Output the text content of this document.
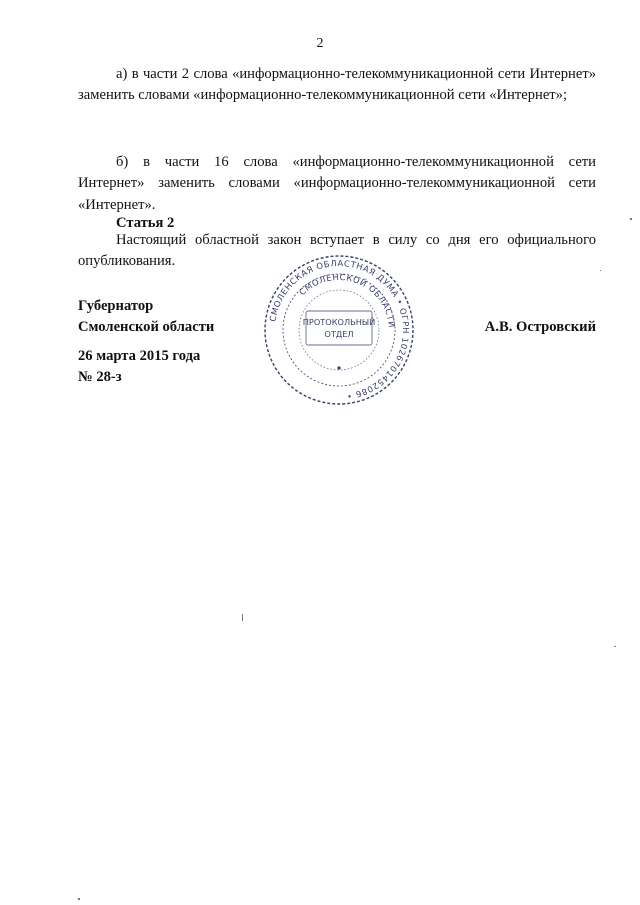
2

а) в части 2 слова «информационно-телекоммуникационной сети Интернет» заменить словами «информационно-телекоммуникационной сети «Интернет»;

б) в части 16 слова «информационно-телекоммуникационной сети Интернет» заменить словами «информационно-телекоммуникационной сети «Интернет».

Статья 2

Настоящий областной закон вступает в силу со дня его официального опубликования.

Губернатор
Смоленской области	А.В. Островский
26 марта 2015 года
№ 28-з
СМОЛЕНСКАЯ ОБЛАСТНАЯ ДУМА • ОГРН 1026701452086 •
СМОЛЕНСКОЙ ОБЛАСТИ
ПРОТОКОЛЬНЫЙ
ОТДЕЛ
